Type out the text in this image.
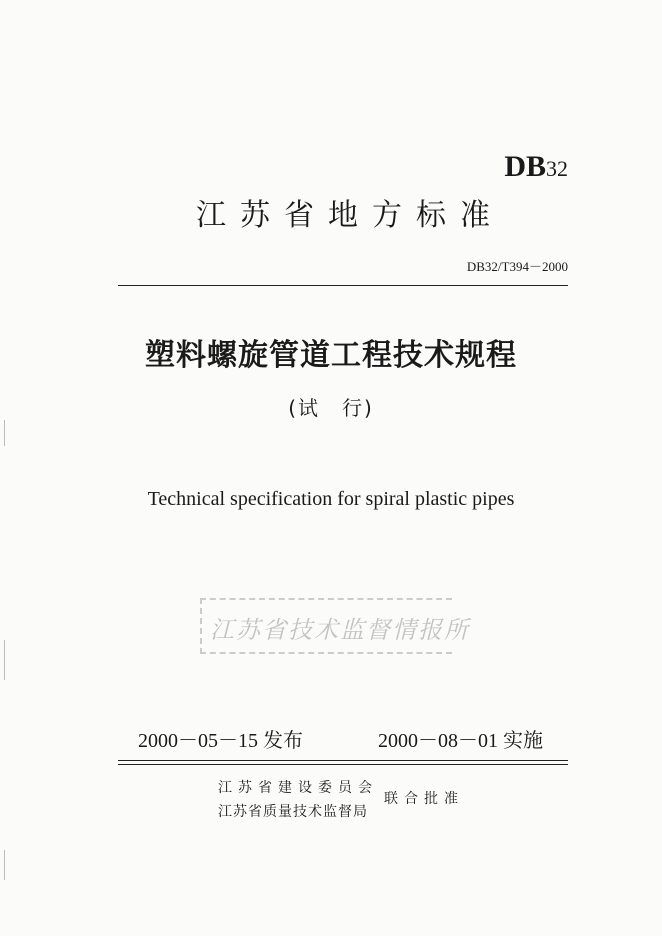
DB32
江苏省地方标准
DB32/T394－2000
塑料螺旋管道工程技术规程
(试　行)
Technical specification for spiral plastic pipes
江苏省技术监督情报所
2000－05－15 发布	2000－08－01 实施
江苏省建设委员会
江苏省质量技术监督局
联合批准
